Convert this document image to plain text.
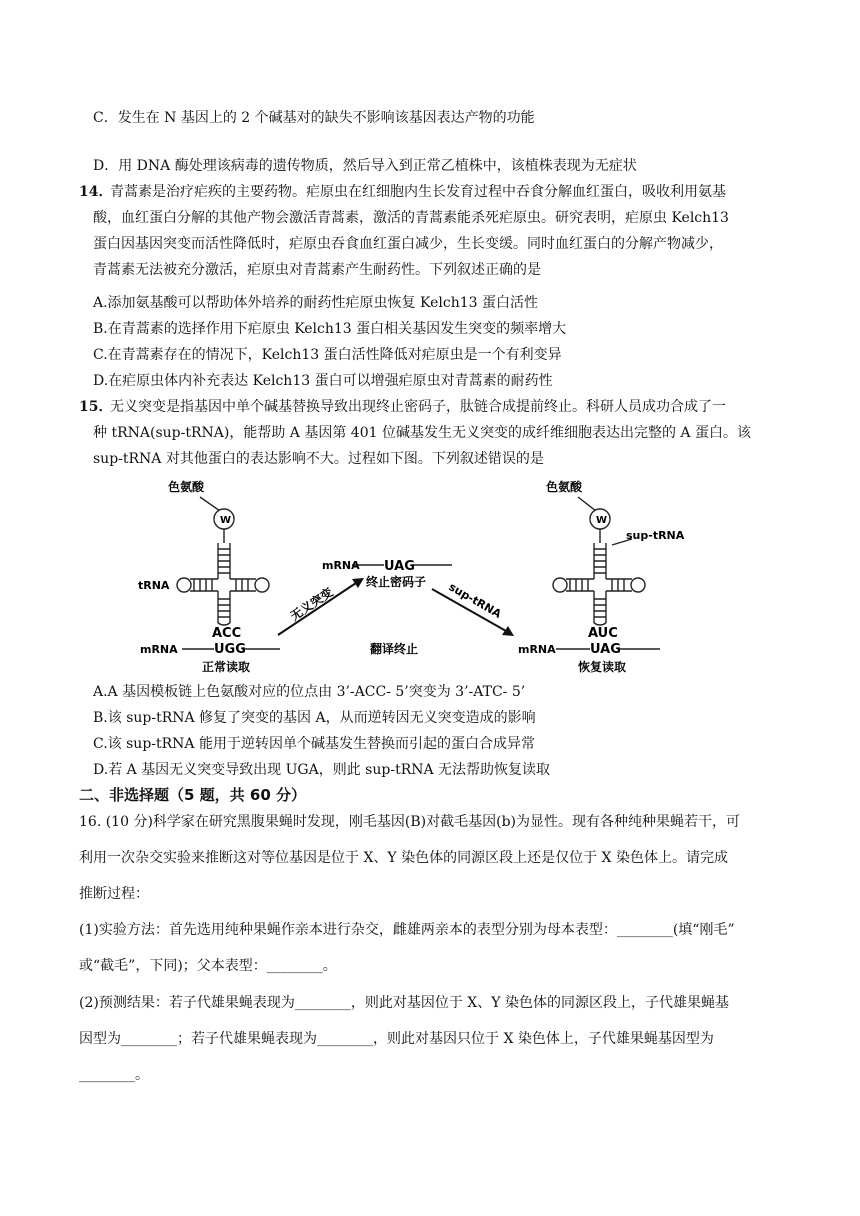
C．发生在 N 基因上的 2 个碱基对的缺失不影响该基因表达产物的功能
D．用 DNA 酶处理该病毒的遗传物质，然后导入到正常乙植株中，该植株表现为无症状
14．
青蒿素是治疗疟疾的主要药物。疟原虫在红细胞内生长发育过程中吞食分解血红蛋白，吸收利用氨基
酸，血红蛋白分解的其他产物会激活青蒿素，激活的青蒿素能杀死疟原虫。研究表明，疟原虫 Kelch13
蛋白因基因突变而活性降低时，疟原虫吞食血红蛋白减少，生长变缓。同时血红蛋白的分解产物减少，
青蒿素无法被充分激活，疟原虫对青蒿素产生耐药性。下列叙述正确的是
A.添加氨基酸可以帮助体外培养的耐药性疟原虫恢复 Kelch13 蛋白活性
B.在青蒿素的选择作用下疟原虫 Kelch13 蛋白相关基因发生突变的频率增大
C.在青蒿素存在的情况下，Kelch13 蛋白活性降低对疟原虫是一个有利变异
D.在疟原虫体内补充表达 Kelch13 蛋白可以增强疟原虫对青蒿素的耐药性
15．
无义突变是指基因中单个碱基替换导致出现终止密码子，肽链合成提前终止。科研人员成功合成了一
种 tRNA(sup-tRNA)，能帮助 A 基因第 401 位碱基发生无义突变的成纤维细胞表达出完整的 A 蛋白。该
sup-tRNA 对其他蛋白的表达影响不大。过程如下图。下列叙述错误的是
色氨酸
W
tRNA
ACC
UGG
mRNA
正常读取
无义突变
mRNA UAG
终止密码子
翻译终止
sup-tRNA
色氨酸
W
sup-tRNA
AUC
UAG
mRNA
恢复读取
A.A 基因模板链上色氨酸对应的位点由 3’-ACC- 5’突变为 3’-ATC- 5’
B.该 sup-tRNA 修复了突变的基因 A，从而逆转因无义突变造成的影响
C.该 sup-tRNA 能用于逆转因单个碱基发生替换而引起的蛋白合成异常
D.若 A 基因无义突变导致出现 UGA，则此 sup-tRNA 无法帮助恢复读取
二、非选择题（5 题，共 60 分）
16. (10 分)科学家在研究黑腹果蝇时发现，刚毛基因(B)对截毛基因(b)为显性。现有各种纯种果蝇若干，可
利用一次杂交实验来推断这对等位基因是位于 X、Y 染色体的同源区段上还是仅位于 X 染色体上。请完成
推断过程：
(1)实验方法：首先选用纯种果蝇作亲本进行杂交，雌雄两亲本的表型分别为母本表型：________(填“刚毛”
或“截毛”，下同)；父本表型：________。
(2)预测结果：若子代雄果蝇表现为________，则此对基因位于 X、Y 染色体的同源区段上，子代雄果蝇基
因型为________；若子代雄果蝇表现为________，则此对基因只位于 X 染色体上，子代雄果蝇基因型为
________。
